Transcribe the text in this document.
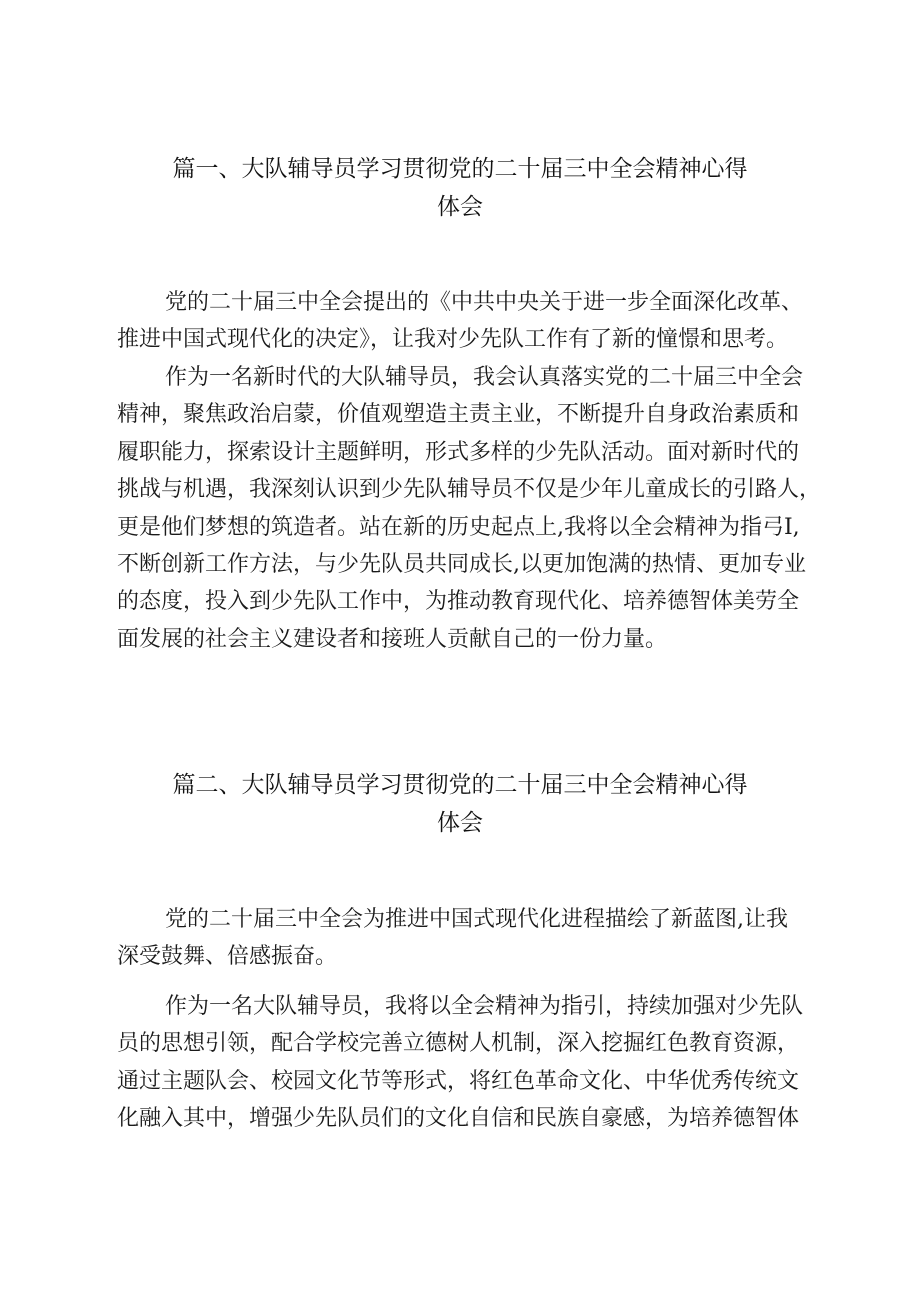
篇一、大队辅导员学习贯彻党的二十届三中全会精神心得
体会
党的二十届三中全会提出的《中共中央关于进一步全面深化改革、
推进中国式现代化的决定》，让我对少先队工作有了新的憧憬和思考。
作为一名新时代的大队辅导员，我会认真落实党的二十届三中全会
精神，聚焦政治启蒙，价值观塑造主责主业，不断提升自身政治素质和
履职能力，探索设计主题鲜明，形式多样的少先队活动。面对新时代的
挑战与机遇，我深刻认识到少先队辅导员不仅是少年儿童成长的引路人，
更是他们梦想的筑造者。站在新的历史起点上,我将以全会精神为指弓I,
不断创新工作方法，与少先队员共同成长,以更加饱满的热情、更加专业
的态度，投入到少先队工作中，为推动教育现代化、培养德智体美劳全
面发展的社会主义建设者和接班人贡献自己的一份力量。
篇二、大队辅导员学习贯彻党的二十届三中全会精神心得
体会
党的二十届三中全会为推进中国式现代化进程描绘了新蓝图,让我
深受鼓舞、倍感振奋。
作为一名大队辅导员，我将以全会精神为指引，持续加强对少先队
员的思想引领，配合学校完善立德树人机制，深入挖掘红色教育资源，
通过主题队会、校园文化节等形式，将红色革命文化、中华优秀传统文
化融入其中，增强少先队员们的文化自信和民族自豪感，为培养德智体
